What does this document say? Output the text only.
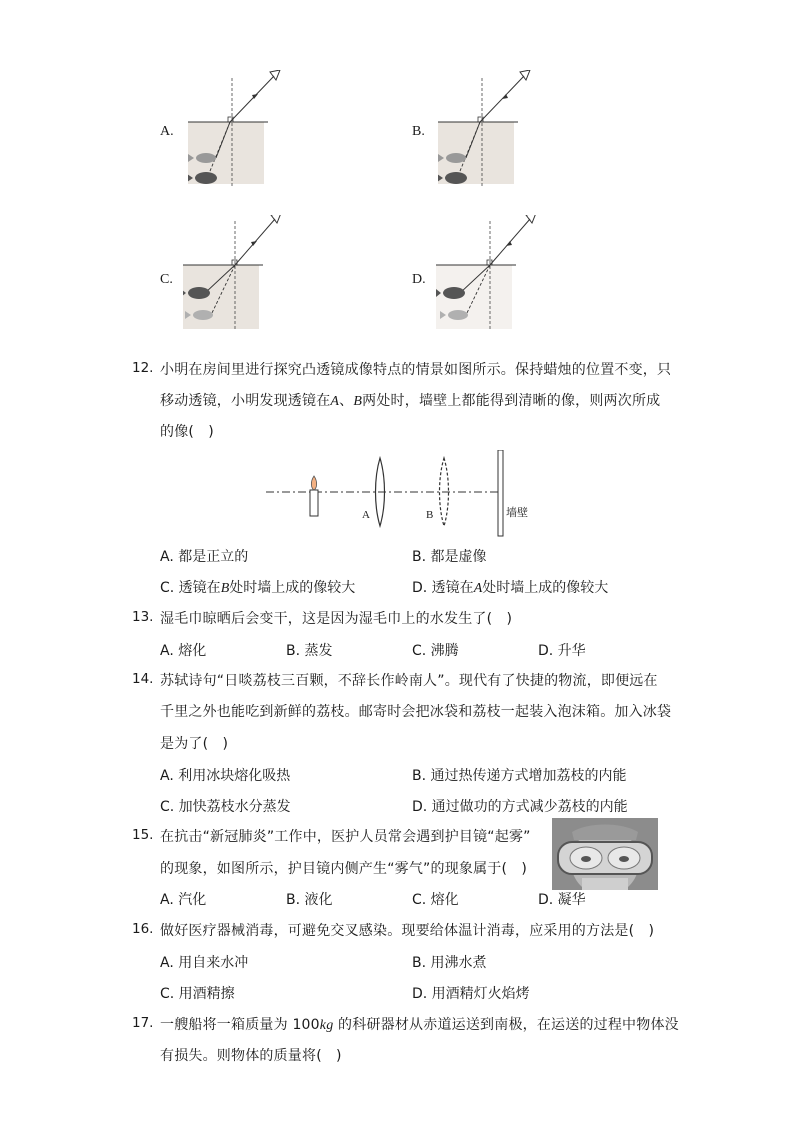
A.	B.
C.	D.
12. 小明在房间里进行探究凸透镜成像特点的情景如图所示。保持蜡烛的位置不变，只
移动透镜，小明发现透镜在A、B两处时，墙壁上都能得到清晰的像，则两次所成
的像(　)
A	B	墙壁
A. 都是正立的	B. 都是虚像
C. 透镜在B处时墙上成的像较大	D. 透镜在A处时墙上成的像较大
13. 湿毛巾晾晒后会变干，这是因为湿毛巾上的水发生了(　)
A. 熔化	B. 蒸发	C. 沸腾	D. 升华
14. 苏轼诗句“日啖荔枝三百颗，不辞长作岭南人”。现代有了快捷的物流，即便远在
千里之外也能吃到新鲜的荔枝。邮寄时会把冰袋和荔枝一起装入泡沫箱。加入冰袋
是为了(　)
A. 利用冰块熔化吸热	B. 通过热传递方式增加荔枝的内能
C. 加快荔枝水分蒸发	D. 通过做功的方式减少荔枝的内能
15. 在抗击“新冠肺炎”工作中，医护人员常会遇到护目镜“起雾”
的现象，如图所示，护目镜内侧产生“雾气”的现象属于(　)
A. 汽化	B. 液化	C. 熔化	D. 凝华
16. 做好医疗器械消毒，可避免交叉感染。现要给体温计消毒，应采用的方法是(　)
A. 用自来水冲	B. 用沸水煮
C. 用酒精擦	D. 用酒精灯火焰烤
17. 一艘船将一箱质量为 100kg 的科研器材从赤道运送到南极，在运送的过程中物体没
有损失。则物体的质量将(　)
